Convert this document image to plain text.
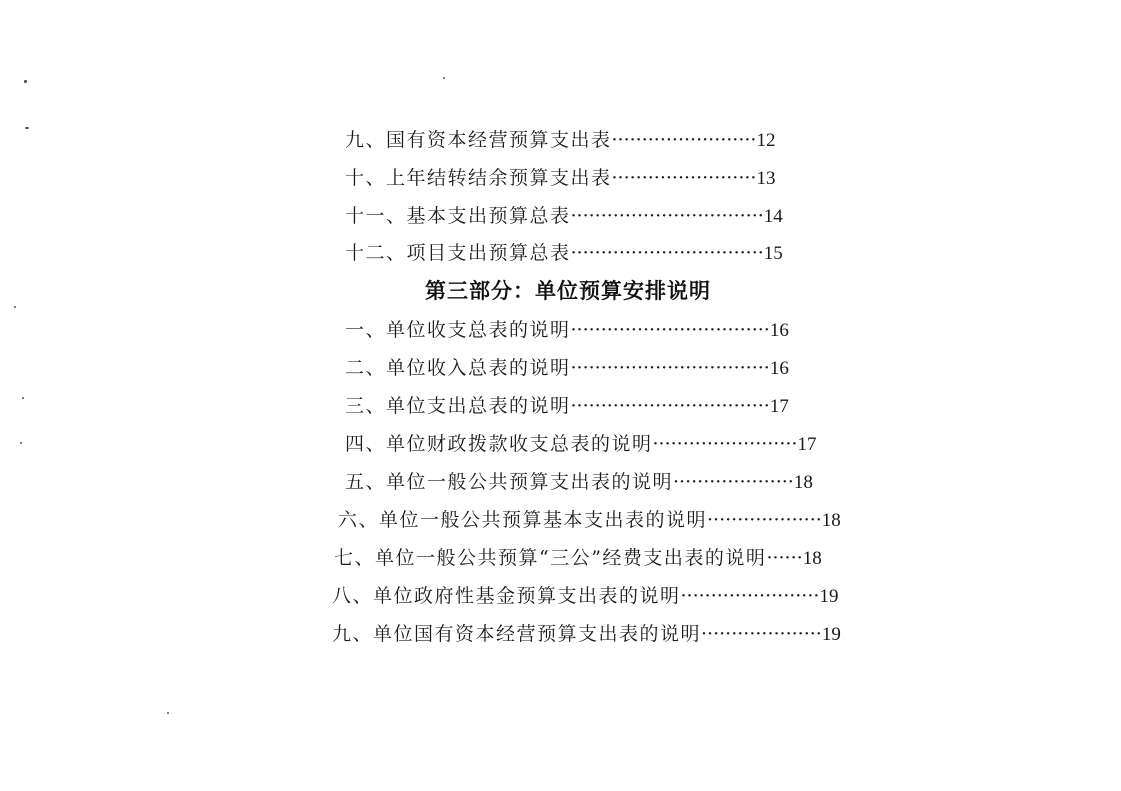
九、国有资本经营预算支出表························12
十、上年结转结余预算支出表························13
十一、基本支出预算总表································14
十二、项目支出预算总表································15
第三部分：单位预算安排说明
一、单位收支总表的说明·································16
二、单位收入总表的说明·································16
三、单位支出总表的说明·································17
四、单位财政拨款收支总表的说明························17
五、单位一般公共预算支出表的说明····················18
六、单位一般公共预算基本支出表的说明···················18
七、单位一般公共预算“三公”经费支出表的说明······18
八、单位政府性基金预算支出表的说明·······················19
九、单位国有资本经营预算支出表的说明····················19
